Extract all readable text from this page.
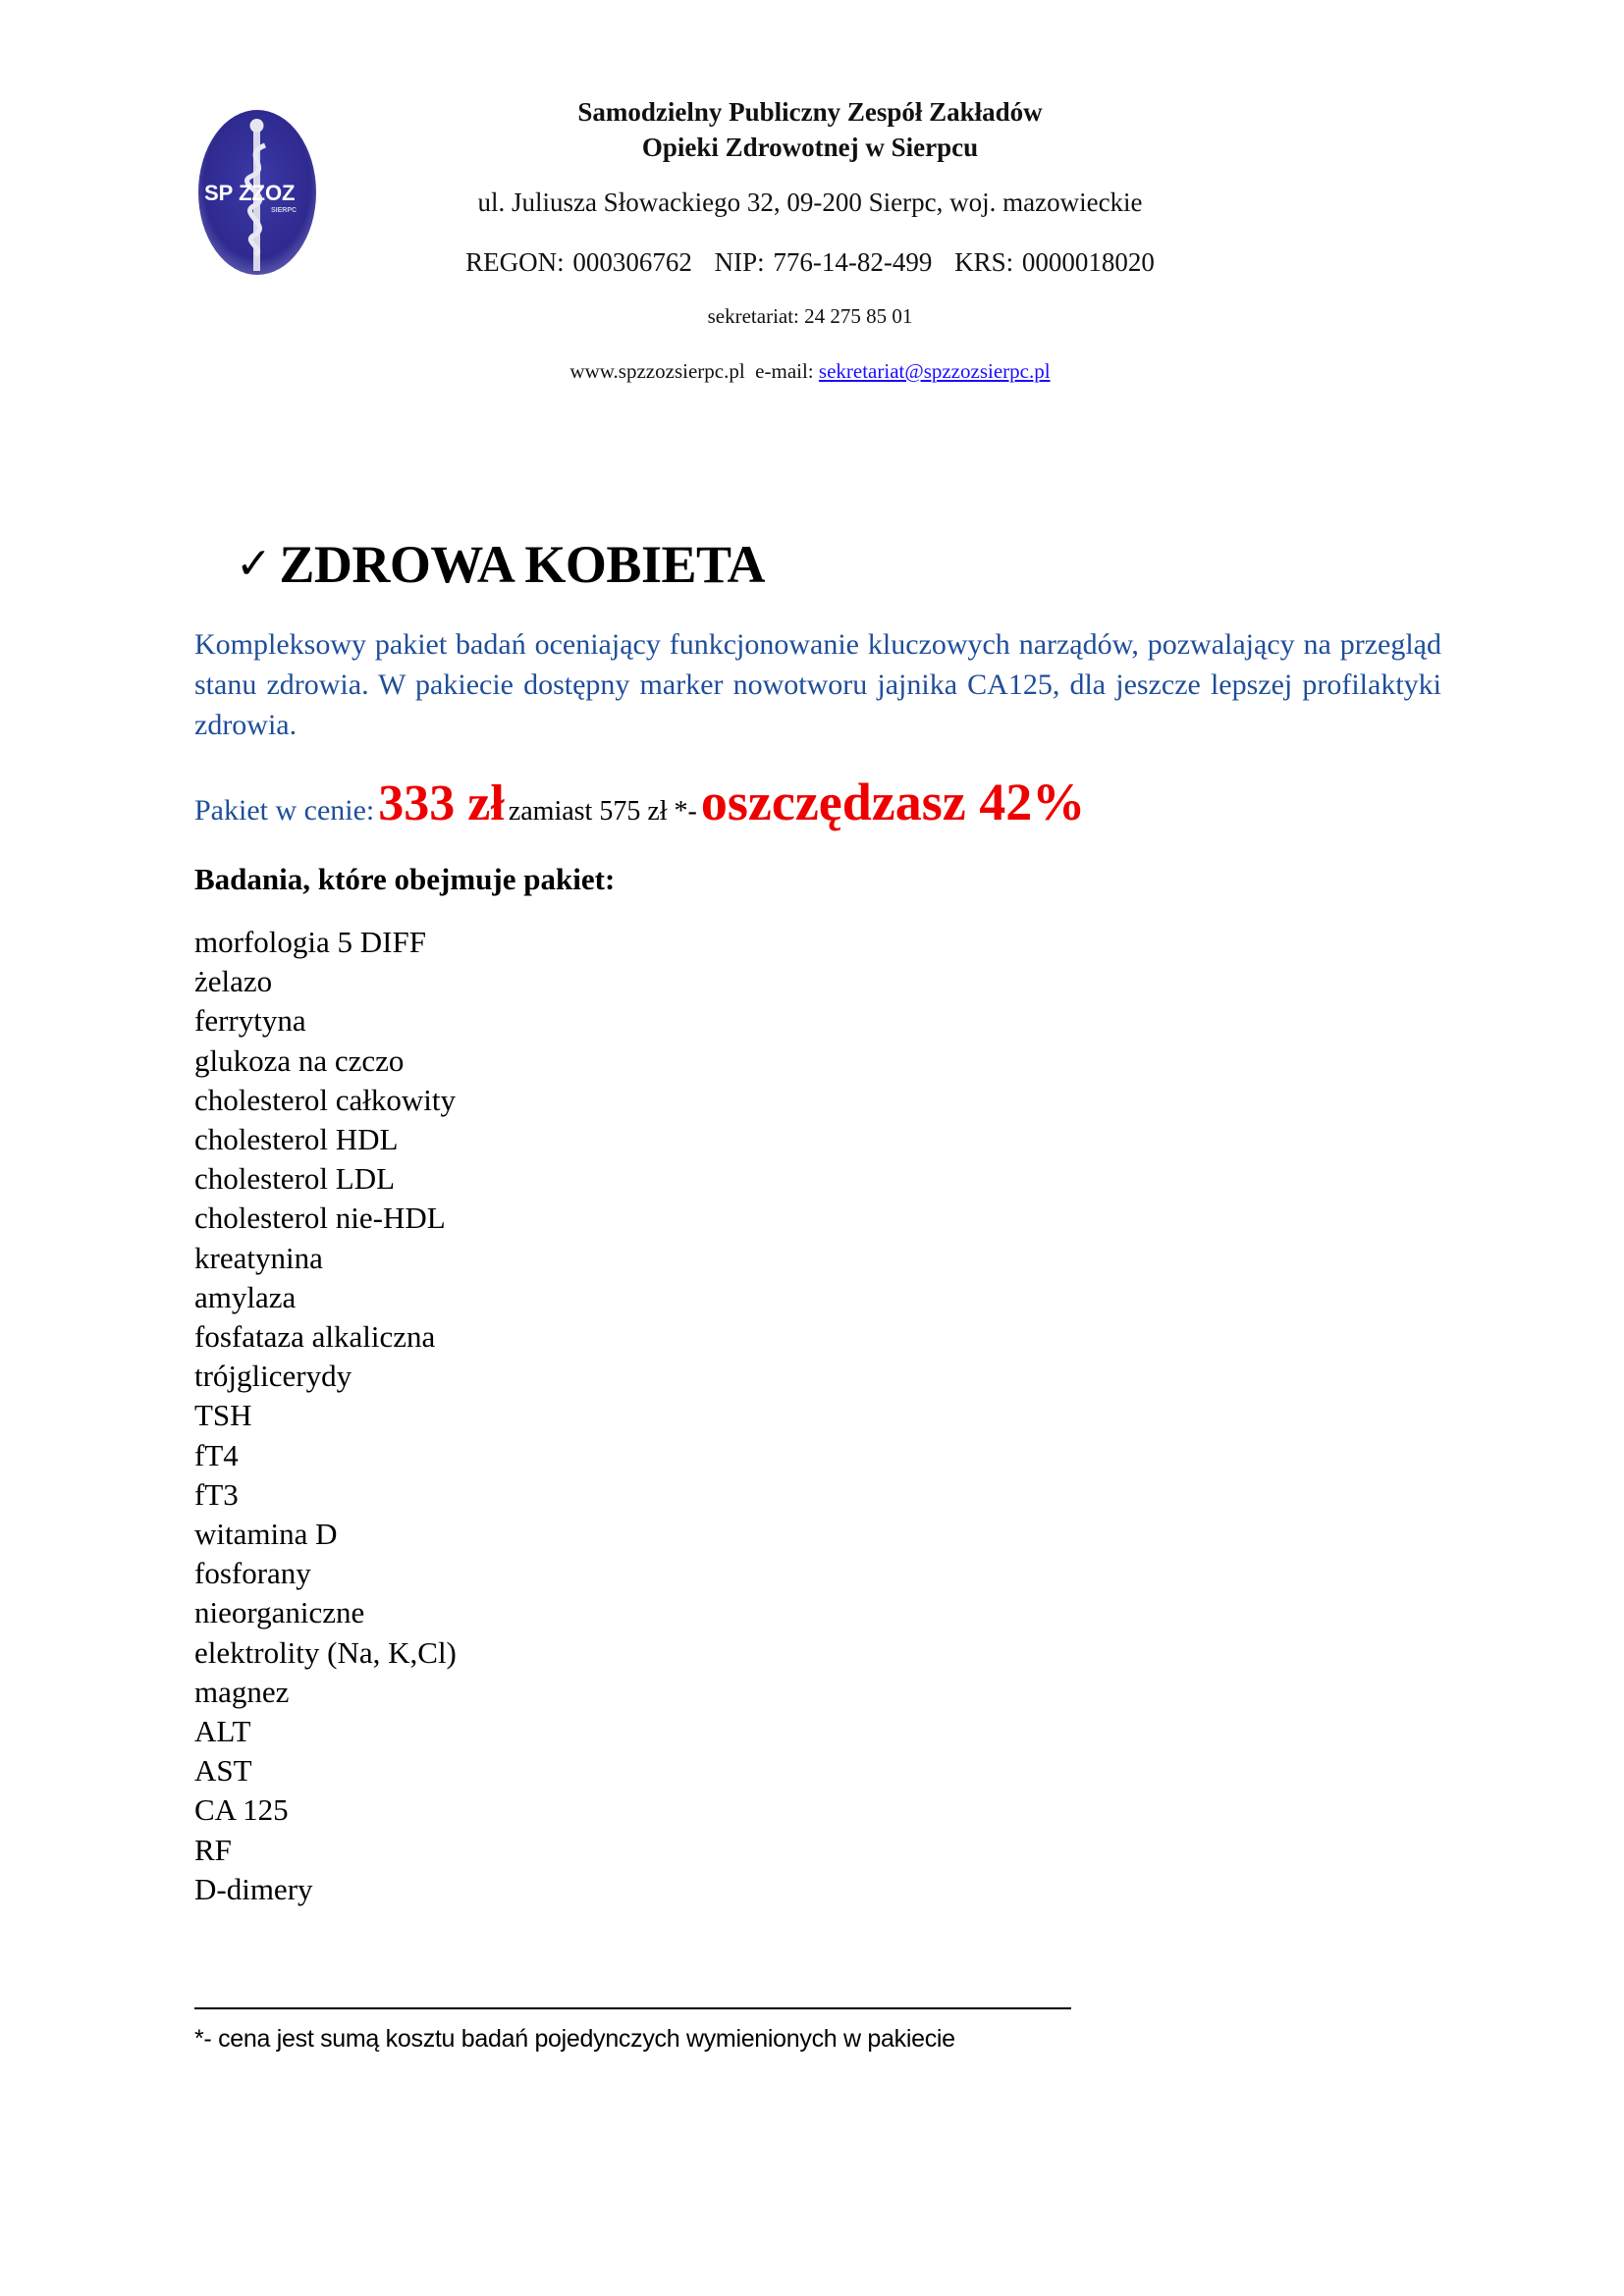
SP ZZOZ
SIERPC
Samodzielny Publiczny Zespół Zakładów
Opieki Zdrowotnej w Sierpcu
ul. Juliusza Słowackiego 32, 09-200 Sierpc, woj. mazowieckie
REGON: 000306762 NIP: 776-14-82-499 KRS: 0000018020
sekretariat: 24 275 85 01
www.spzzozsierpc.pl e-mail: sekretariat@spzzozsierpc.pl
✓ ZDROWA KOBIETA
Kompleksowy pakiet badań oceniający funkcjonowanie kluczowych narządów, pozwalający na przegląd stanu zdrowia. W pakiecie dostępny marker nowotworu jajnika CA125, dla jeszcze lepszej profilaktyki zdrowia.
Pakiet w cenie: 333 zł zamiast 575 zł *- oszczędzasz 42%
Badania, które obejmuje pakiet:
morfologia 5 DIFF
żelazo
ferrytyna
glukoza na czczo
cholesterol całkowity
cholesterol HDL
cholesterol LDL
cholesterol nie-HDL
kreatynina
amylaza
fosfataza alkaliczna
trójglicerydy
TSH
fT4
fT3
witamina D
fosforany
nieorganiczne
elektrolity (Na, K,Cl)
magnez
ALT
AST
CA 125
RF
D-dimery
*- cena jest sumą kosztu badań pojedynczych wymienionych w pakiecie
